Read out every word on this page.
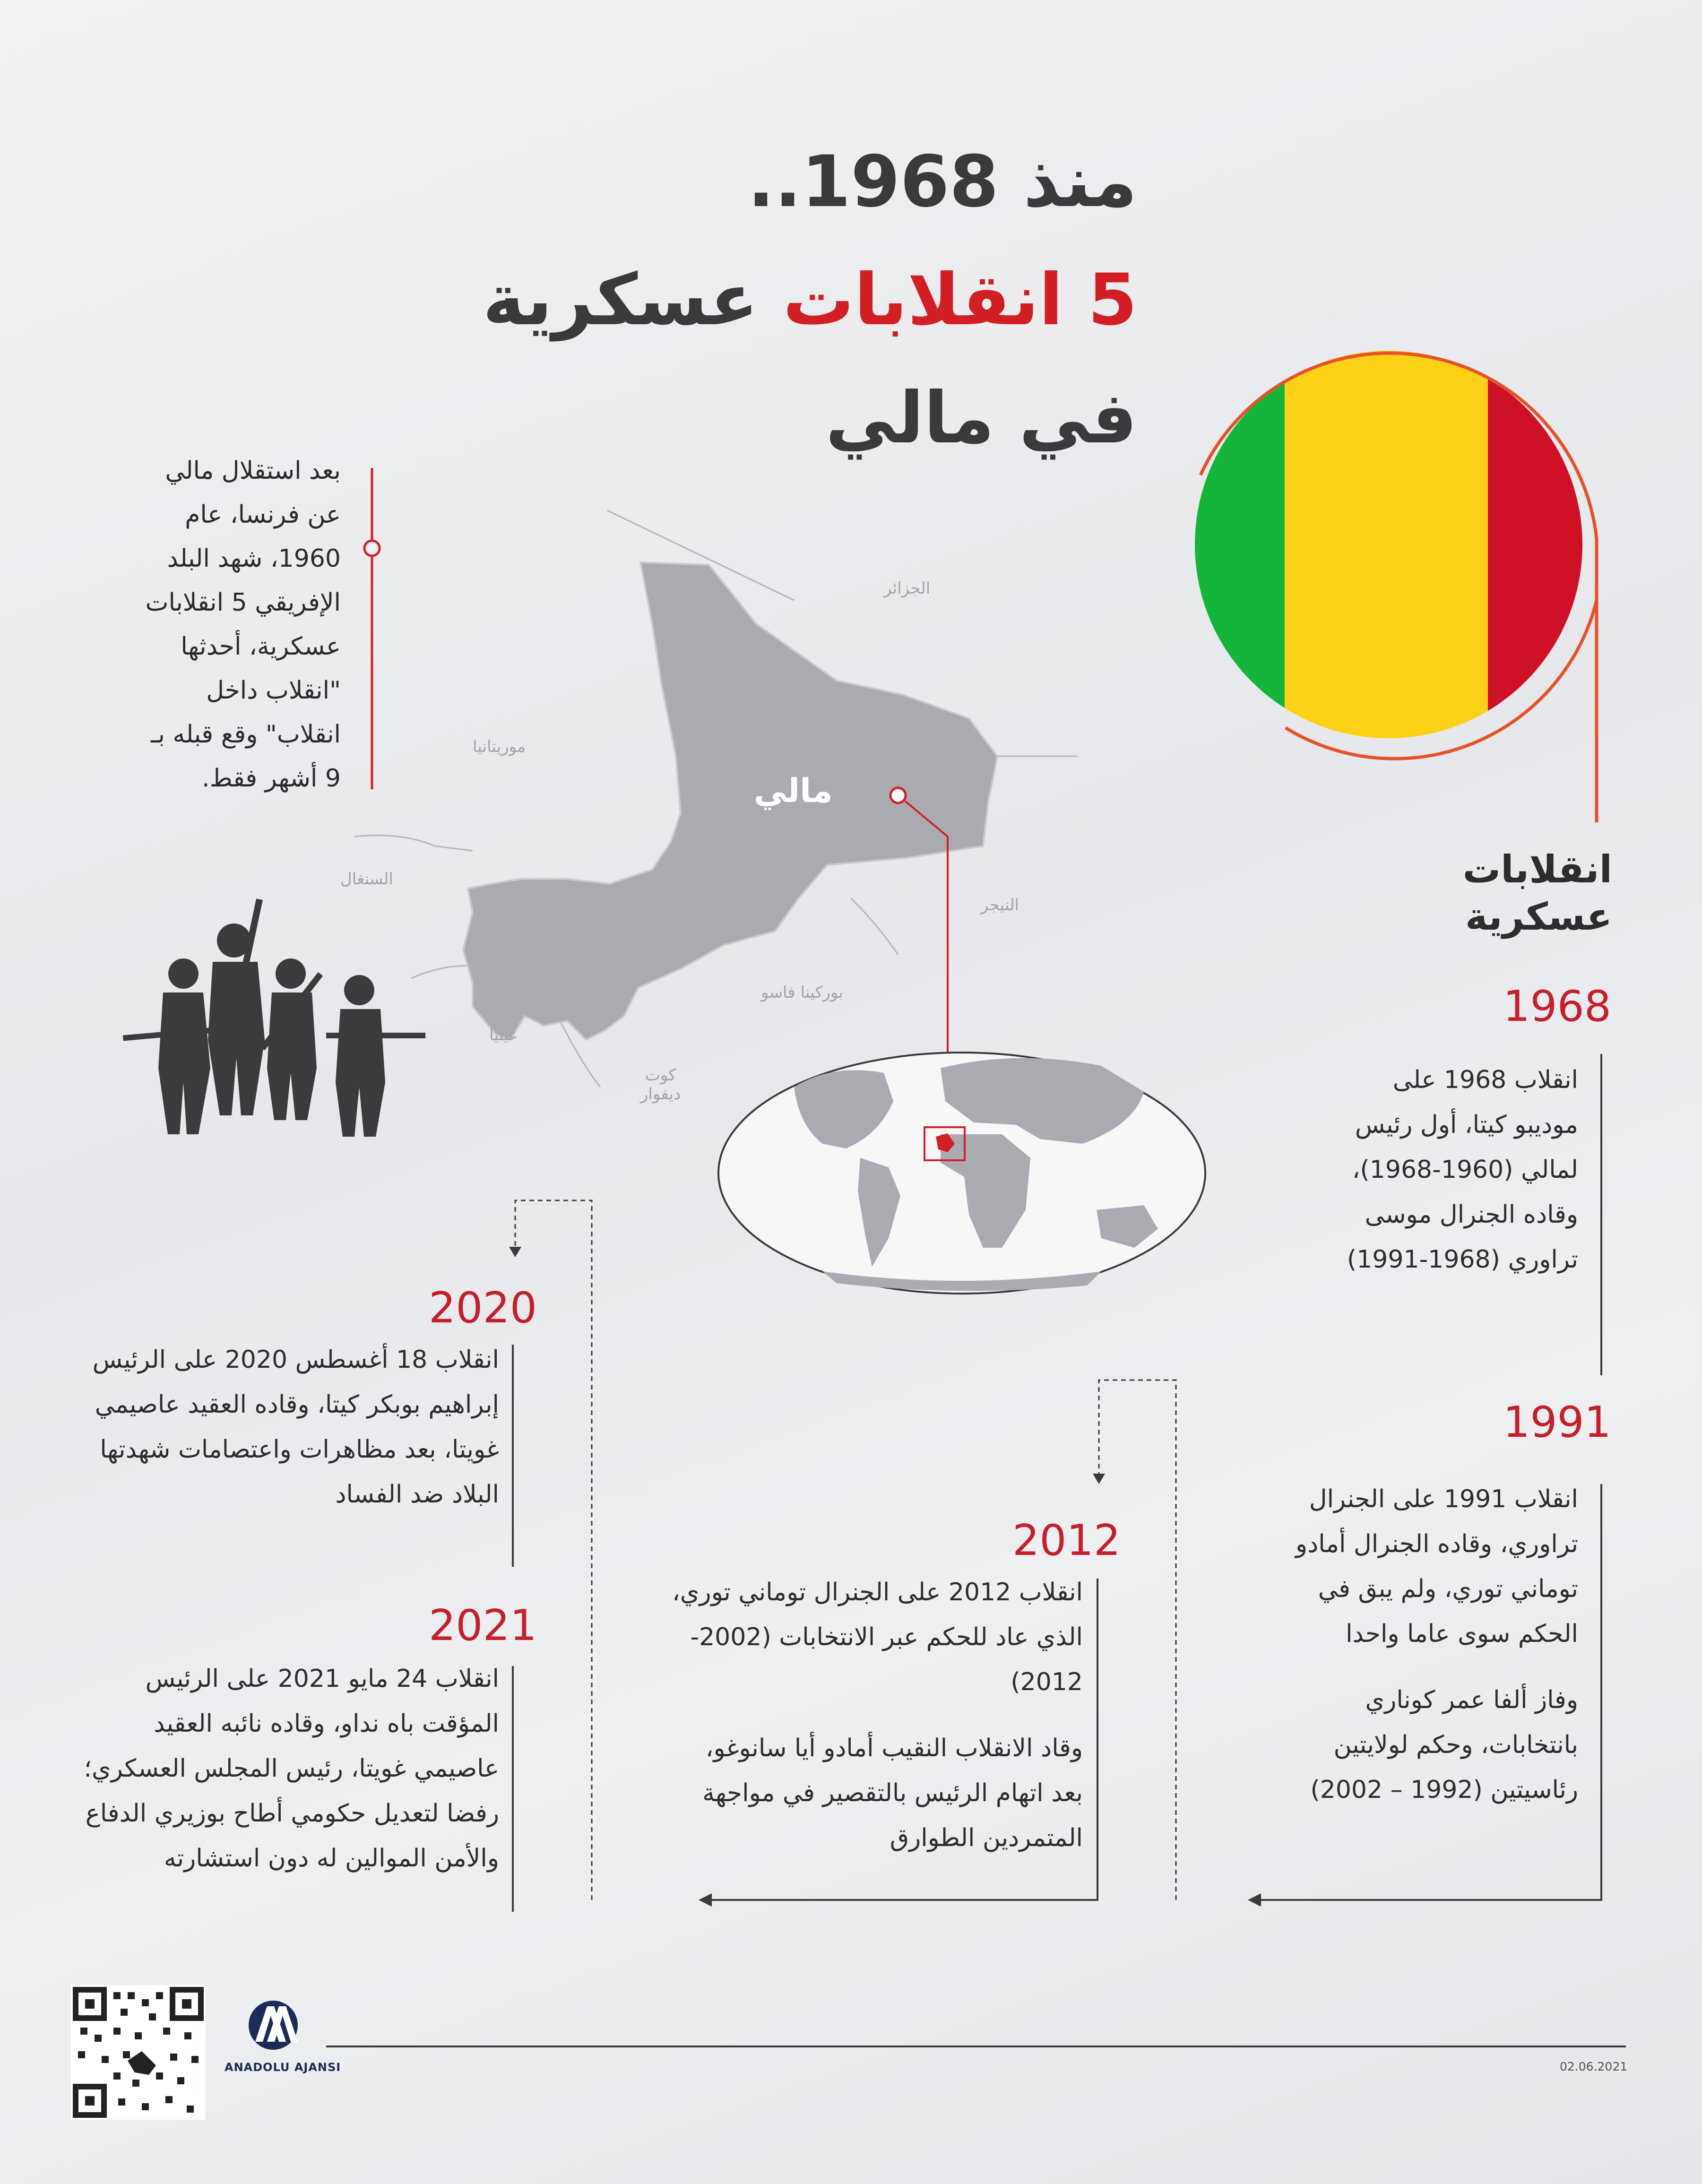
منذ 1968..
5 انقلابات عسكرية
في مالي
بعد استقلال مالي عن فرنسا، عام 1960، شهد البلد الإفريقي 5 انقلابات عسكرية، أحدثها "انقلاب داخل انقلاب" وقع قبله بـ 9 أشهر فقط.
الجزائر
موريتانيا
السنغال
النيجر
بوركينا فاسو
غينيا
كوت
ديفوار
مالي
انقلابات
عسكرية
1968

انقلاب 1968 على موديبو كيتا، أول رئيس لمالي (1960-1968)، وقاده الجنرال موسى تراوري (1968-1991)

1991

انقلاب 1991 على الجنرال تراوري، وقاده الجنرال أمادو توماني توري، ولم يبق في الحكم سوى عاما واحدا

وفاز ألفا عمر كوناري بانتخابات، وحكم لولايتين رئاسيتين (1992 – 2002)

2012

انقلاب 2012 على الجنرال توماني توري، الذي عاد للحكم عبر الانتخابات (2002-2012)

وقاد الانقلاب النقيب أمادو أيا سانوغو، بعد اتهام الرئيس بالتقصير في مواجهة المتمردين الطوارق

2020

انقلاب 18 أغسطس 2020 على الرئيس إبراهيم بوبكر كيتا، وقاده العقيد عاصيمي غويتا، بعد مظاهرات واعتصامات شهدتها البلاد ضد الفساد

2021

انقلاب 24 مايو 2021 على الرئيس المؤقت باه نداو، وقاده نائبه العقيد عاصيمي غويتا، رئيس المجلس العسكري؛ رفضا لتعديل حكومي أطاح بوزيري الدفاع والأمن الموالين له دون استشارته

ANADOLU AJANSI	02.06.2021
